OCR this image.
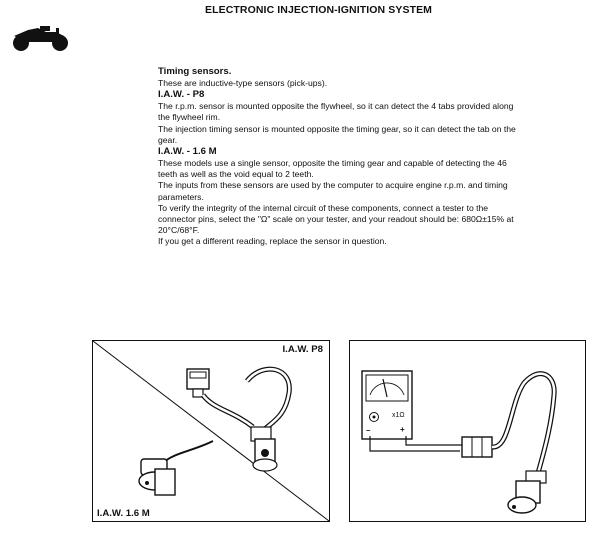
ELECTRONIC INJECTION-IGNITION SYSTEM
Timing sensors.

These are inductive-type sensors (pick-ups).

I.A.W. - P8

The r.p.m. sensor is mounted opposite the flywheel, so it can detect the 4 tabs provided along the flywheel rim.

The injection timing sensor is mounted opposite the timing gear, so it can detect the tab on the gear.

I.A.W. - 1.6 M

These models use a single sensor, opposite the timing gear and capable of detecting the 46 teeth as well as the void equal to 2 teeth.

The inputs from these sensors are used by the computer to acquire engine r.p.m. and timing parameters.

To verify the integrity of the internal circuit of these components, connect a tester to the connector pins, select the "Ω" scale on your tester, and your readout should be: 680Ω±15% at 20°C/68°F.

If you get a different reading, replace the sensor in question.

I.A.W. P8
I.A.W. 1.6 M
x1Ω
–	+
